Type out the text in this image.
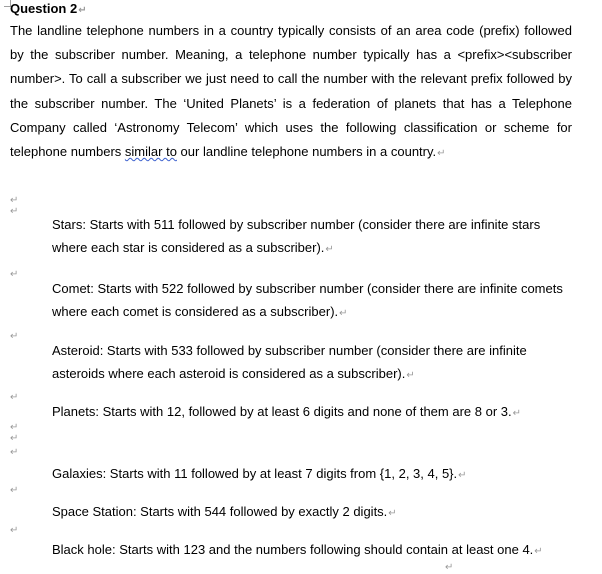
Question 2↵
The landline telephone numbers in a country typically consists of an area code (prefix) followed by the subscriber number. Meaning, a telephone number typically has a <prefix><subscriber number>. To call a subscriber we just need to call the number with the relevant prefix followed by the subscriber number. The ‘United Planets’ is a federation of planets that has a Telephone Company called ‘Astronomy Telecom’ which uses the following classification or scheme for telephone numbers similar to our landline telephone numbers in a country.↵
↵
↵
Stars: Starts with 511 followed by subscriber number (consider there are infinite stars where each star is considered as a subscriber).↵
↵
Comet: Starts with 522 followed by subscriber number (consider there are infinite comets where each comet is considered as a subscriber).↵
↵
Asteroid: Starts with 533 followed by subscriber number (consider there are infinite asteroids where each asteroid is considered as a subscriber).↵
↵
Planets: Starts with 12, followed by at least 6 digits and none of them are 8 or 3.↵
↵
↵
↵
Galaxies: Starts with 11 followed by at least 7 digits from {1, 2, 3, 4, 5}.↵
↵
Space Station: Starts with 544 followed by exactly 2 digits.↵
↵
Black hole: Starts with 123 and the numbers following should contain at least one 4.↵
↵
